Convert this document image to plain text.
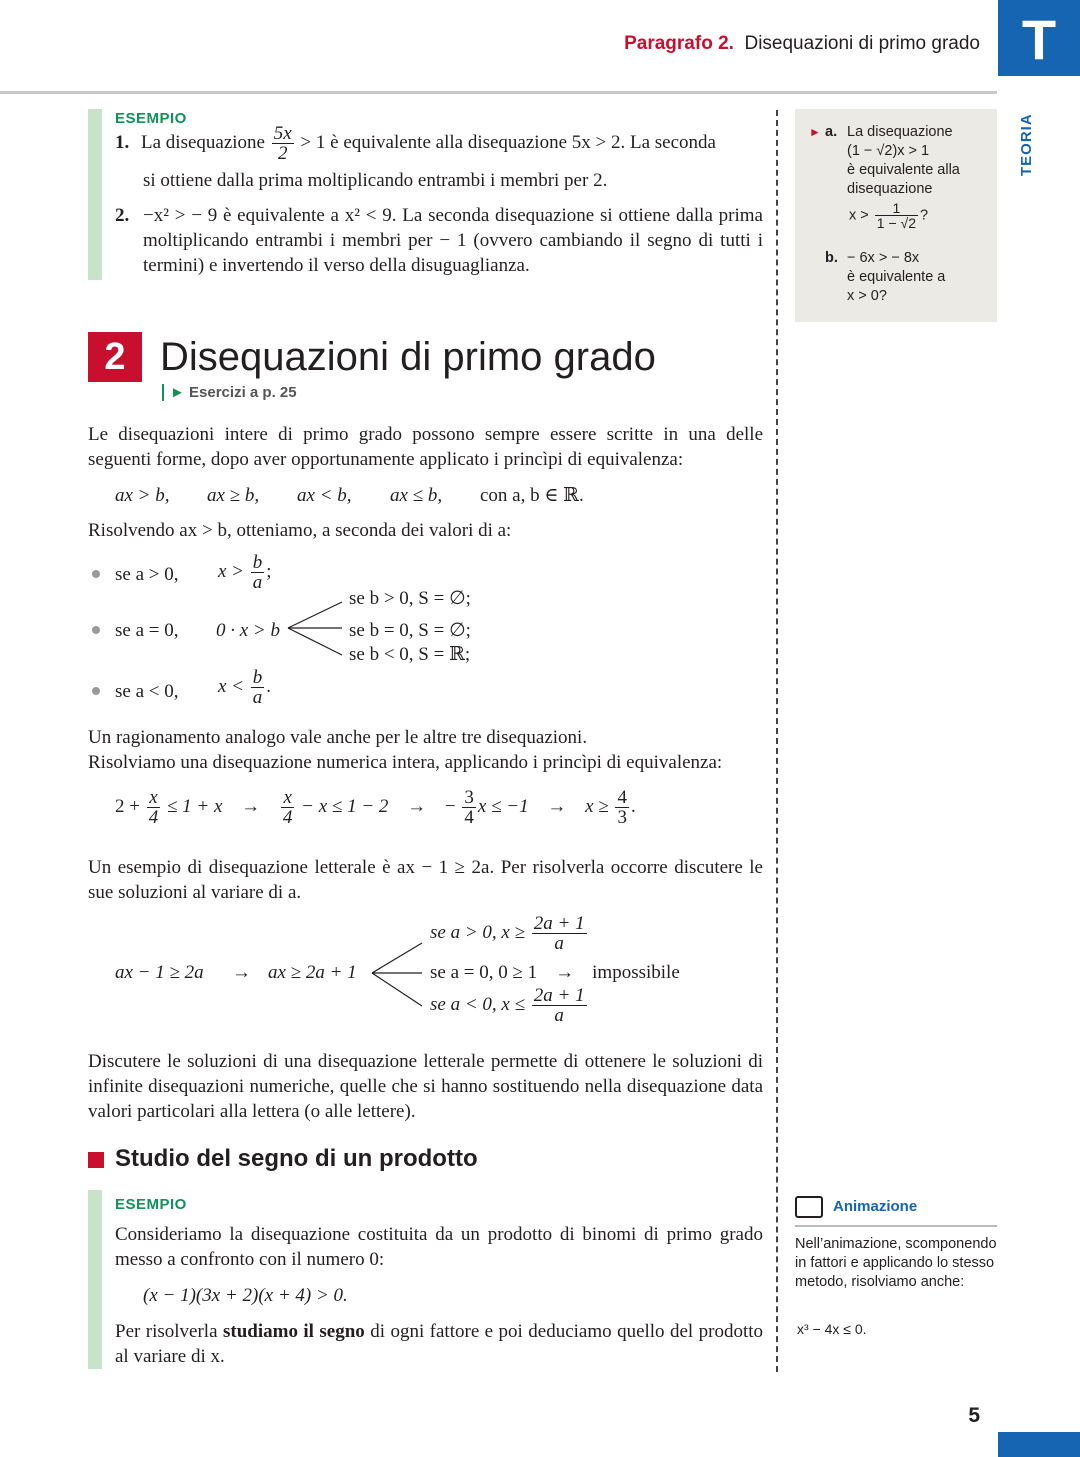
Paragrafo 2. Disequazioni di primo grado T
TEORIA
ESEMPIO
1. La disequazione $\frac{5x}{2} > 1$ è equivalente alla disequazione 5x > 2. La seconda
si ottiene dalla prima moltiplicando entrambi i membri per 2.
2. −x² > − 9 è equivalente a x² < 9. La seconda disequazione si ottiene dalla prima moltiplicando entrambi i membri per − 1 (ovvero cambiando il segno di tutti i termini) e invertendo il verso della disuguaglianza.
► a. La disequazione
(1 − √2)x > 1
è equivalente alla
disequazione
$x > \frac{1}{1 - √2}$ ?
b. − 6x > − 8x
è equivalente a
x > 0?
2 Disequazioni di primo grado
► Esercizi a p. 25
Le disequazioni intere di primo grado possono sempre essere scritte in una delle seguenti forme, dopo aver opportunamente applicato i princìpi di equivalenza:
ax > b,	ax ≥ b,	ax < b,	ax ≤ b,	con a, b ∈ ℝ.
Risolvendo ax > b, otteniamo, a seconda dei valori di a:
se a > 0, $x > \frac{b}{a}$ ;
se a = 0, 0 · x > b
se b > 0, S = ∅;
se b = 0, S = ∅;
se b < 0, S = ℝ;
se a < 0, $x < \frac{b}{a}$ .
Un ragionamento analogo vale anche per le altre tre disequazioni.
Risolviamo una disequazione numerica intera, applicando i princìpi di equivalenza:
$2 + \frac{x}{4} \le 1 + x \to \frac{x}{4} - x \le 1 - 2$ → − $\frac{3}{4}$ $x \le -1 \to x \ge \frac{4}{3}$ .
Un esempio di disequazione letterale è ax − 1 ≥ 2a. Per risolverla occorre discutere le sue soluzioni al variare di a.
ax − 1 ≥ 2a → ax ≥ 2a + 1
se a > 0, $x \ge \frac{2a + 1}{a}$
se a = 0, 0 ≥ 1 → impossibile
se a < 0, $x \le \frac{2a + 1}{a}$
Discutere le soluzioni di una disequazione letterale permette di ottenere le soluzioni di infinite disequazioni numeriche, quelle che si hanno sostituendo nella disequazione data valori particolari alla lettera (o alle lettere).
Studio del segno di un prodotto
ESEMPIO
Consideriamo la disequazione costituita da un prodotto di binomi di primo grado messo a confronto con il numero 0:
(x − 1)(3x + 2)(x + 4) > 0.
Per risolverla studiamo il segno di ogni fattore e poi deduciamo quello del prodotto al variare di x.
Animazione
Nell’animazione, scomponendo in fattori e applicando lo stesso metodo, risolviamo anche:
x³ − 4x ≤ 0.
5
